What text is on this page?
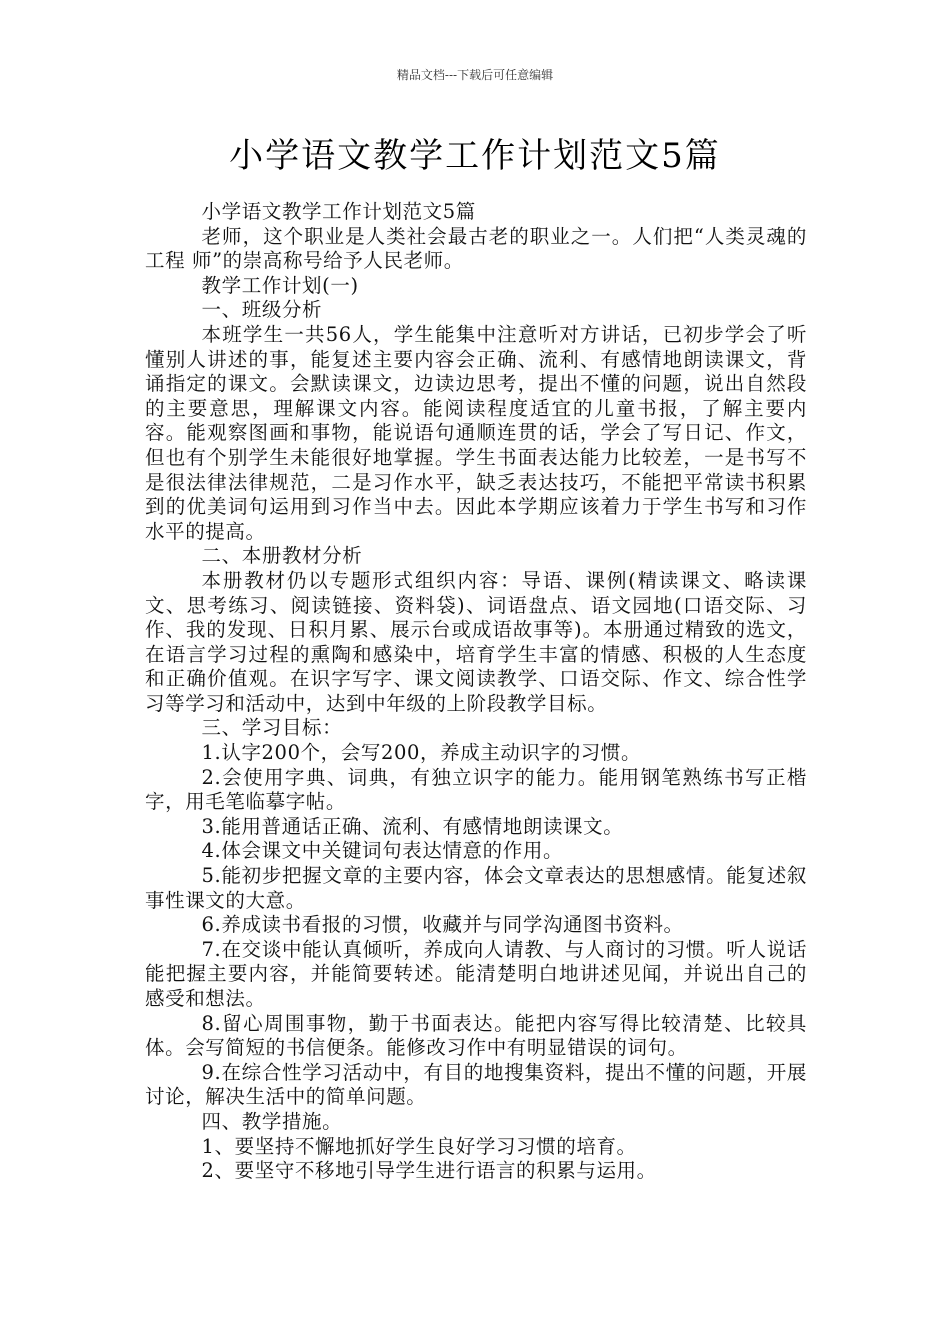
精品文档---下载后可任意编辑
小学语文教学工作计划范文5篇

小学语文教学工作计划范文5篇

老师，这个职业是人类社会最古老的职业之一。人们把“人类灵魂的工程 师”的崇高称号给予人民老师。

教学工作计划(一)

一、班级分析

本班学生一共56人，学生能集中注意听对方讲话，已初步学会了听懂别人讲述的事，能复述主要内容会正确、流利、有感情地朗读课文，背诵指定的课文。会默读课文，边读边思考，提出不懂的问题，说出自然段的主要意思，理解课文内容。能阅读程度适宜的儿童书报，了解主要内容。能观察图画和事物，能说语句通顺连贯的话，学会了写日记、作文，但也有个别学生未能很好地掌握。学生书面表达能力比较差，一是书写不是很法律法律规范，二是习作水平，缺乏表达技巧，不能把平常读书积累到的优美词句运用到习作当中去。因此本学期应该着力于学生书写和习作水平的提高。

二、本册教材分析

本册教材仍以专题形式组织内容：导语、课例(精读课文、略读课文、思考练习、阅读链接、资料袋)、词语盘点、语文园地(口语交际、习作、我的发现、日积月累、展示台或成语故事等)。本册通过精致的选文，在语言学习过程的熏陶和感染中，培育学生丰富的情感、积极的人生态度和正确价值观。在识字写字、课文阅读教学、口语交际、作文、综合性学习等学习和活动中，达到中年级的上阶段教学目标。

三、学习目标：

1.认字200个，会写200，养成主动识字的习惯。

2.会使用字典、词典，有独立识字的能力。能用钢笔熟练书写正楷字，用毛笔临摹字帖。

3.能用普通话正确、流利、有感情地朗读课文。

4.体会课文中关键词句表达情意的作用。

5.能初步把握文章的主要内容，体会文章表达的思想感情。能复述叙事性课文的大意。

6.养成读书看报的习惯，收藏并与同学沟通图书资料。

7.在交谈中能认真倾听，养成向人请教、与人商讨的习惯。听人说话能把握主要内容，并能简要转述。能清楚明白地讲述见闻，并说出自己的感受和想法。

8.留心周围事物，勤于书面表达。能把内容写得比较清楚、比较具体。会写简短的书信便条。能修改习作中有明显错误的词句。

9.在综合性学习活动中，有目的地搜集资料，提出不懂的问题，开展讨论，解决生活中的简单问题。

四、教学措施。

1、要坚持不懈地抓好学生良好学习习惯的培育。

2、要坚守不移地引导学生进行语言的积累与运用。
